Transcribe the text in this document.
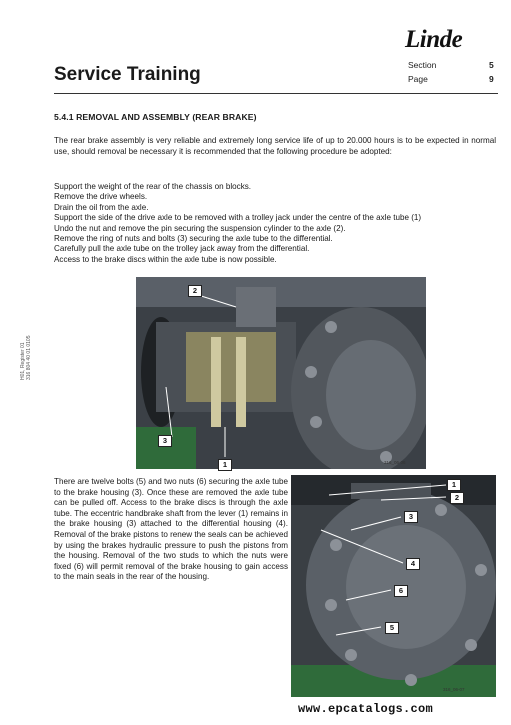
Linde
Service Training	Section	5
Page	9
5.4.1 REMOVAL AND ASSEMBLY (REAR BRAKE)

The rear brake assembly is very reliable and extremely long service life of up to 20.000 hours is to be expected in normal use, should removal be necessary it is recommended that the following procedure be adopted:

Support the weight of the rear of the chassis on blocks.
Remove the drive wheels.
Drain the oil from the axle.
Support the side of the drive axle to be removed with a trolley jack under the centre of the axle tube (1)
Undo the nut and remove the pin securing the suspension cylinder to the axle (2).
Remove the ring of nuts and bolts (3) securing the axle tube to the differential.
Carefully pull the axle tube on the trolley jack away from the differential.
Access to the brake discs within the axle tube is now possible.
H01, Register 01 316 804 40 01 0105
2
3
1	316_06-06

There are twelve bolts (5) and two nuts (6) securing the axle tube to the brake housing (3). Once these are removed the axle tube can be pulled off. Access to the brake discs is through the axle tube. The eccentric handbrake shaft from the lever (1) remains in the brake housing (3) attached to the differential housing (4). Removal of the brake pistons to renew the seals can be achieved by using the brakes hydraulic pressure to push the pistons from the housing. Removal of the two studs to which the nuts were fixed (6) will permit removal of the brake housing to gain access to the main seals in the rear of the housing.

1
2
3
4
6
5
316_06-07
www.epcatalogs.com
